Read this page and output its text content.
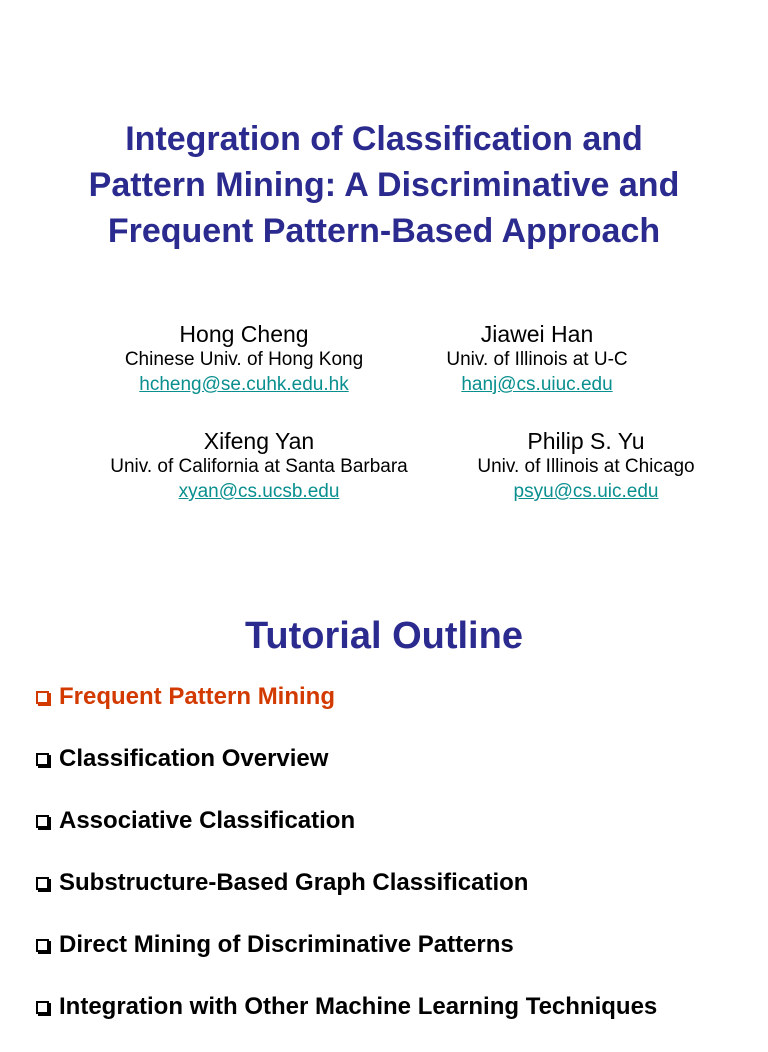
Integration of Classification and
Pattern Mining: A Discriminative and
Frequent Pattern-Based Approach
Hong Cheng
Chinese Univ. of Hong Kong
hcheng@se.cuhk.edu.hk
Jiawei Han
Univ. of Illinois at U-C
hanj@cs.uiuc.edu
Xifeng Yan
Univ. of California at Santa Barbara
xyan@cs.ucsb.edu
Philip S. Yu
Univ. of Illinois at Chicago
psyu@cs.uic.edu
Tutorial Outline
Frequent Pattern Mining
Classification Overview
Associative Classification
Substructure-Based Graph Classification
Direct Mining of Discriminative Patterns
Integration with Other Machine Learning Techniques
